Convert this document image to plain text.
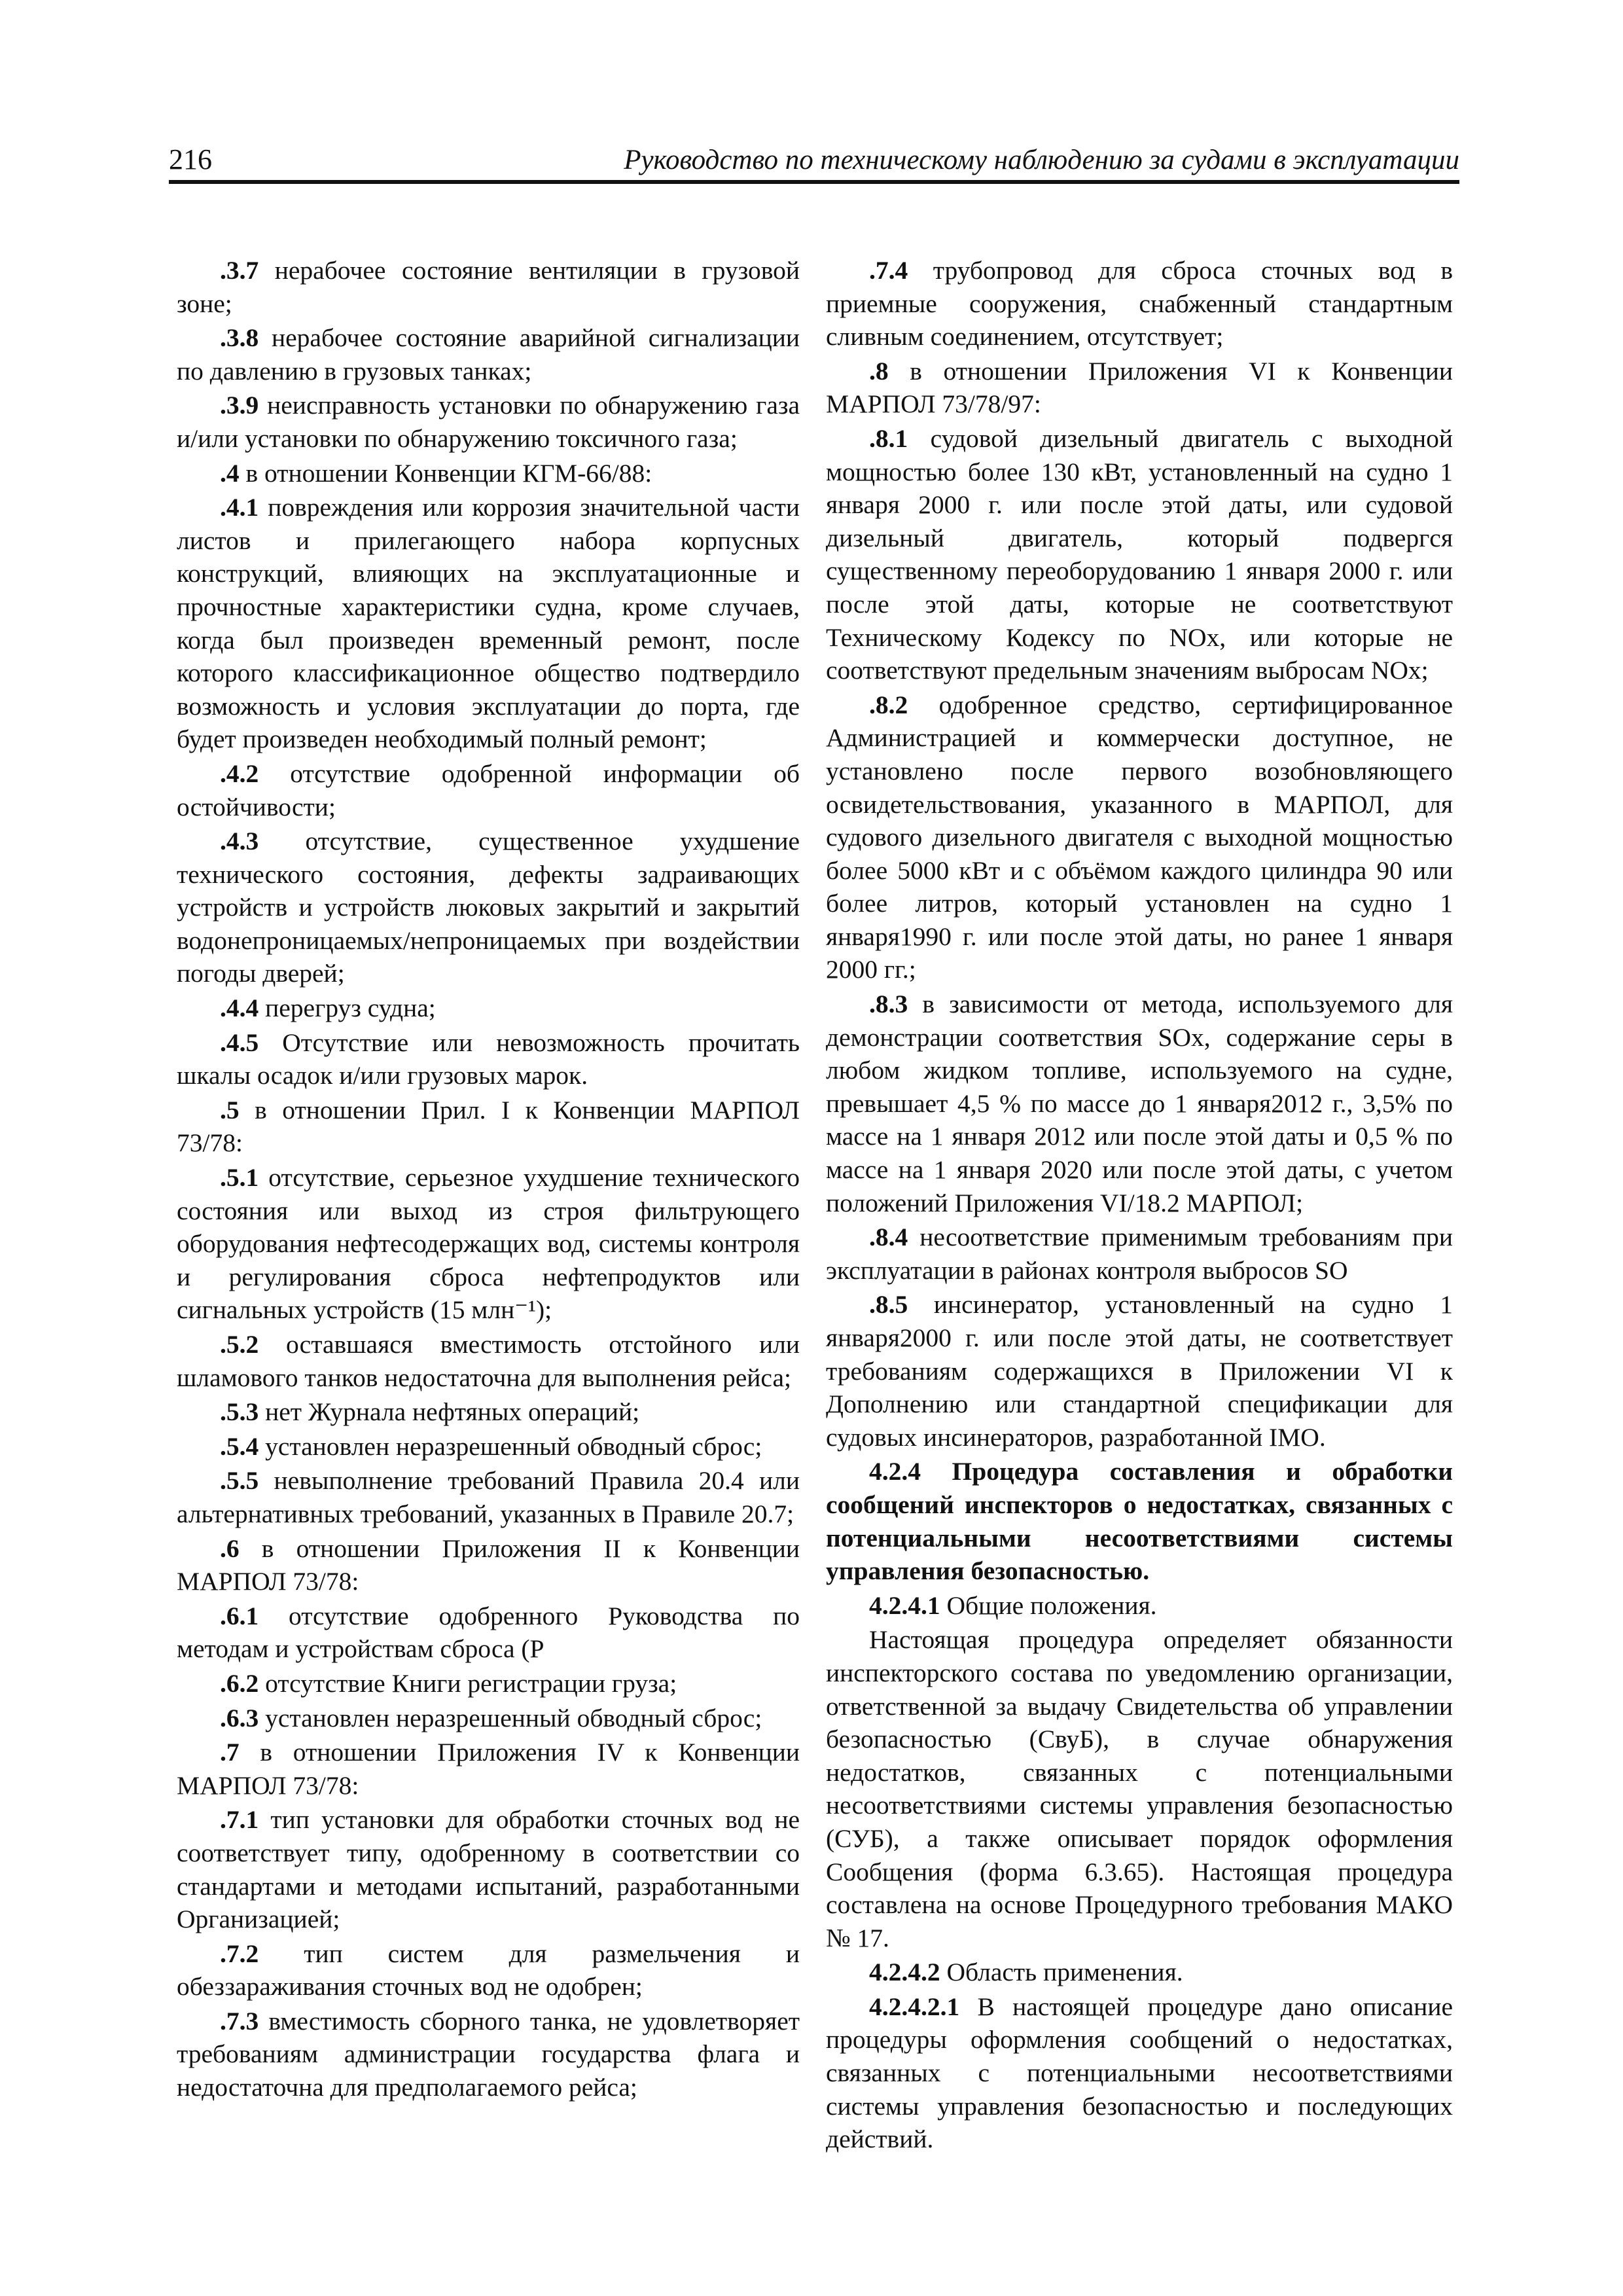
216	Руководство по техническому наблюдению за судами в эксплуатации

.3.7 нерабочее состояние вентиляции в грузовой зоне;

.3.8 нерабочее состояние аварийной сигнализации по давлению в грузовых танках;

.3.9 неисправность установки по обнаружению газа и/или установки по обнаружению токсичного газа;

.4 в отношении Конвенции КГМ-66/88:

.4.1 повреждения или коррозия значительной части листов и прилегающего набора корпусных конструкций, влияющих на эксплуатационные и прочностные характеристики судна, кроме случаев, когда был произведен временный ремонт, после которого классификационное общество подтвердило возможность и условия эксплуатации до порта, где будет произведен необходимый полный ремонт;

.4.2 отсутствие одобренной информации об остойчивости;

.4.3 отсутствие, существенное ухудшение технического состояния, дефекты задраивающих устройств и устройств люковых закрытий и закрытий водонепроницаемых/непроницаемых при воздействии погоды дверей;

.4.4 перегруз судна;

.4.5 Отсутствие или невозможность прочитать шкалы осадок и/или грузовых марок.

.5 в отношении Прил. I к Конвенции МАРПОЛ 73/78:

.5.1 отсутствие, серьезное ухудшение технического состояния или выход из строя фильтрующего оборудования нефтесодержащих вод, системы контроля и регулирования сброса нефтепродуктов или сигнальных устройств (15 млн⁻¹);

.5.2 оставшаяся вместимость отстойного или шламового танков недостаточна для выполнения рейса;

.5.3 нет Журнала нефтяных операций;

.5.4 установлен неразрешенный обводный сброс;

.5.5 невыполнение требований Правила 20.4 или альтернативных требований, указанных в Правиле 20.7;

.6 в отношении Приложения II к Конвенции МАРПОЛ 73/78:

.6.1 отсутствие одобренного Руководства по методам и устройствам сброса (Р

.6.2 отсутствие Книги регистрации груза;

.6.3 установлен неразрешенный обводный сброс;

.7 в отношении Приложения IV к Конвенции МАРПОЛ 73/78:

.7.1 тип установки для обработки сточных вод не соответствует типу, одобренному в соответствии со стандартами и методами испытаний, разработанными Организацией;

.7.2 тип систем для размельчения и обеззараживания сточных вод не одобрен;

.7.3 вместимость сборного танка, не удовлетворяет требованиям администрации государства флага и недостаточна для предполагаемого рейса;

.7.4 трубопровод для сброса сточных вод в приемные сооружения, снабженный стандартным сливным соединением, отсутствует;

.8 в отношении Приложения VI к Конвенции МАРПОЛ 73/78/97:

.8.1 судовой дизельный двигатель с выходной мощностью более 130 кВт, установленный на судно 1 января 2000 г. или после этой даты, или судовой дизельный двигатель, который подвергся существенному переоборудованию 1 января 2000 г. или после этой даты, которые не соответствуют Техническому Кодексу по NOx, или которые не соответствуют предельным значениям выбросам NOx;

.8.2 одобренное средство, сертифицированное Администрацией и коммерчески доступное, не установлено после первого возобновляющего освидетельствования, указанного в МАРПОЛ, для судового дизельного двигателя с выходной мощностью более 5000 кВт и с объёмом каждого цилиндра 90 или более литров, который установлен на судно 1 января1990 г. или после этой даты, но ранее 1 января 2000 гг.;

.8.3 в зависимости от метода, используемого для демонстрации соответствия SOx, содержание серы в любом жидком топливе, используемого на судне, превышает 4,5 % по массе до 1 января2012 г., 3,5% по массе на 1 января 2012 или после этой даты и 0,5 % по массе на 1 января 2020 или после этой даты, с учетом положений Приложения VI/18.2 МАРПОЛ;

.8.4 несоответствие применимым требованиям при эксплуатации в районах контроля выбросов SO

.8.5 инсинератор, установленный на судно 1 января2000 г. или после этой даты, не соответствует требованиям содержащихся в Приложении VI к Дополнению или стандартной спецификации для судовых инсинераторов, разработанной IMO.

4.2.4 Процедура составления и обработки сообщений инспекторов о недостатках, связанных с потенциальными несоответствиями системы управления безопасностью.

4.2.4.1 Общие положения.

Настоящая процедура определяет обязанности инспекторского состава по уведомлению организации, ответственной за выдачу Свидетельства об управлении безопасностью (СвуБ), в случае обнаружения недостатков, связанных с потенциальными несоответствиями системы управления безопасностью (СУБ), а также описывает порядок оформления Сообщения (форма 6.3.65). Настоящая процедура составлена на основе Процедурного требования МАКО № 17.

4.2.4.2 Область применения.

4.2.4.2.1 В настоящей процедуре дано описание процедуры оформления сообщений о недостатках, связанных с потенциальными несоответствиями системы управления безопасностью и последующих действий.
